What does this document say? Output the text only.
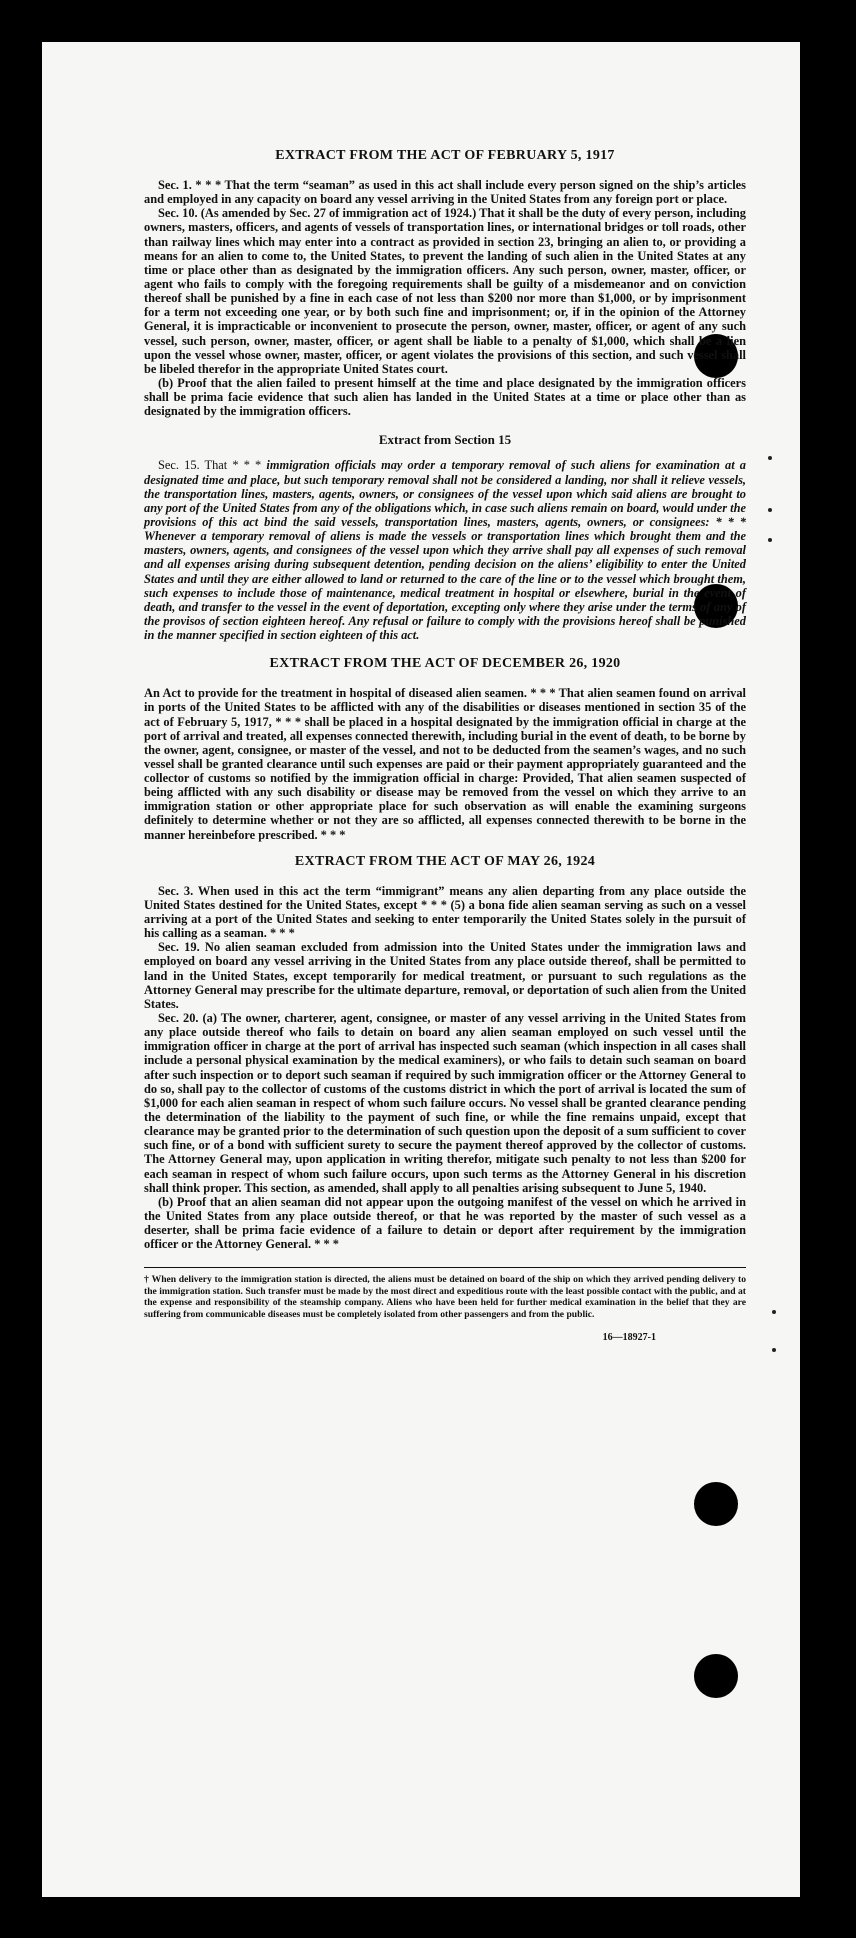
EXTRACT FROM THE ACT OF FEBRUARY 5, 1917

Sec. 1. * * * That the term “seaman” as used in this act shall include every person signed on the ship’s articles and employed in any capacity on board any vessel arriving in the United States from any foreign port or place.

Sec. 10. (As amended by Sec. 27 of immigration act of 1924.) That it shall be the duty of every person, including owners, masters, officers, and agents of vessels of transportation lines, or international bridges or toll roads, other than railway lines which may enter into a contract as provided in section 23, bringing an alien to, or providing a means for an alien to come to, the United States, to prevent the landing of such alien in the United States at any time or place other than as designated by the immigration officers. Any such person, owner, master, officer, or agent who fails to comply with the foregoing requirements shall be guilty of a misdemeanor and on conviction thereof shall be punished by a fine in each case of not less than $200 nor more than $1,000, or by imprisonment for a term not exceeding one year, or by both such fine and imprisonment; or, if in the opinion of the Attorney General, it is impracticable or inconvenient to prosecute the person, owner, master, officer, or agent of any such vessel, such person, owner, master, officer, or agent shall be liable to a penalty of $1,000, which shall be a lien upon the vessel whose owner, master, officer, or agent violates the provisions of this section, and such vessel shall be libeled therefor in the appropriate United States court.

(b) Proof that the alien failed to present himself at the time and place designated by the immigration officers shall be prima facie evidence that such alien has landed in the United States at a time or place other than as designated by the immigration officers.

Extract from Section 15

Sec. 15. That * * * immigration officials may order a temporary removal of such aliens for examination at a designated time and place, but such temporary removal shall not be considered a landing, nor shall it relieve vessels, the transportation lines, masters, agents, owners, or consignees of the vessel upon which said aliens are brought to any port of the United States from any of the obligations which, in case such aliens remain on board, would under the provisions of this act bind the said vessels, transportation lines, masters, agents, owners, or consignees: * * * Whenever a temporary removal of aliens is made the vessels or transportation lines which brought them and the masters, owners, agents, and consignees of the vessel upon which they arrive shall pay all expenses of such removal and all expenses arising during subsequent detention, pending decision on the aliens’ eligibility to enter the United States and until they are either allowed to land or returned to the care of the line or to the vessel which brought them, such expenses to include those of maintenance, medical treatment in hospital or elsewhere, burial in the event of death, and transfer to the vessel in the event of deportation, excepting only where they arise under the terms of any of the provisos of section eighteen hereof. Any refusal or failure to comply with the provisions hereof shall be punished in the manner specified in section eighteen of this act.

EXTRACT FROM THE ACT OF DECEMBER 26, 1920

An Act to provide for the treatment in hospital of diseased alien seamen. * * * That alien seamen found on arrival in ports of the United States to be afflicted with any of the disabilities or diseases mentioned in section 35 of the act of February 5, 1917, * * * shall be placed in a hospital designated by the immigration official in charge at the port of arrival and treated, all expenses connected therewith, including burial in the event of death, to be borne by the owner, agent, consignee, or master of the vessel, and not to be deducted from the seamen’s wages, and no such vessel shall be granted clearance until such expenses are paid or their payment appropriately guaranteed and the collector of customs so notified by the immigration official in charge: Provided, That alien seamen suspected of being afflicted with any such disability or disease may be removed from the vessel on which they arrive to an immigration station or other appropriate place for such observation as will enable the examining surgeons definitely to determine whether or not they are so afflicted, all expenses connected therewith to be borne in the manner hereinbefore prescribed. * * *

EXTRACT FROM THE ACT OF MAY 26, 1924

Sec. 3. When used in this act the term “immigrant” means any alien departing from any place outside the United States destined for the United States, except * * * (5) a bona fide alien seaman serving as such on a vessel arriving at a port of the United States and seeking to enter temporarily the United States solely in the pursuit of his calling as a seaman. * * *

Sec. 19. No alien seaman excluded from admission into the United States under the immigration laws and employed on board any vessel arriving in the United States from any place outside thereof, shall be permitted to land in the United States, except temporarily for medical treatment, or pursuant to such regulations as the Attorney General may prescribe for the ultimate departure, removal, or deportation of such alien from the United States.

Sec. 20. (a) The owner, charterer, agent, consignee, or master of any vessel arriving in the United States from any place outside thereof who fails to detain on board any alien seaman employed on such vessel until the immigration officer in charge at the port of arrival has inspected such seaman (which inspection in all cases shall include a personal physical examination by the medical examiners), or who fails to detain such seaman on board after such inspection or to deport such seaman if required by such immigration officer or the Attorney General to do so, shall pay to the collector of customs of the customs district in which the port of arrival is located the sum of $1,000 for each alien seaman in respect of whom such failure occurs. No vessel shall be granted clearance pending the determination of the liability to the payment of such fine, or while the fine remains unpaid, except that clearance may be granted prior to the determination of such question upon the deposit of a sum sufficient to cover such fine, or of a bond with sufficient surety to secure the payment thereof approved by the collector of customs. The Attorney General may, upon application in writing therefor, mitigate such penalty to not less than $200 for each seaman in respect of whom such failure occurs, upon such terms as the Attorney General in his discretion shall think proper. This section, as amended, shall apply to all penalties arising subsequent to June 5, 1940.

(b) Proof that an alien seaman did not appear upon the outgoing manifest of the vessel on which he arrived in the United States from any place outside thereof, or that he was reported by the master of such vessel as a deserter, shall be prima facie evidence of a failure to detain or deport after requirement by the immigration officer or the Attorney General. * * *

† When delivery to the immigration station is directed, the aliens must be detained on board of the ship on which they arrived pending delivery to the immigration station. Such transfer must be made by the most direct and expeditious route with the least possible contact with the public, and at the expense and responsibility of the steamship company. Aliens who have been held for further medical examination in the belief that they are suffering from communicable diseases must be completely isolated from other passengers and from the public.
16—18927-1
